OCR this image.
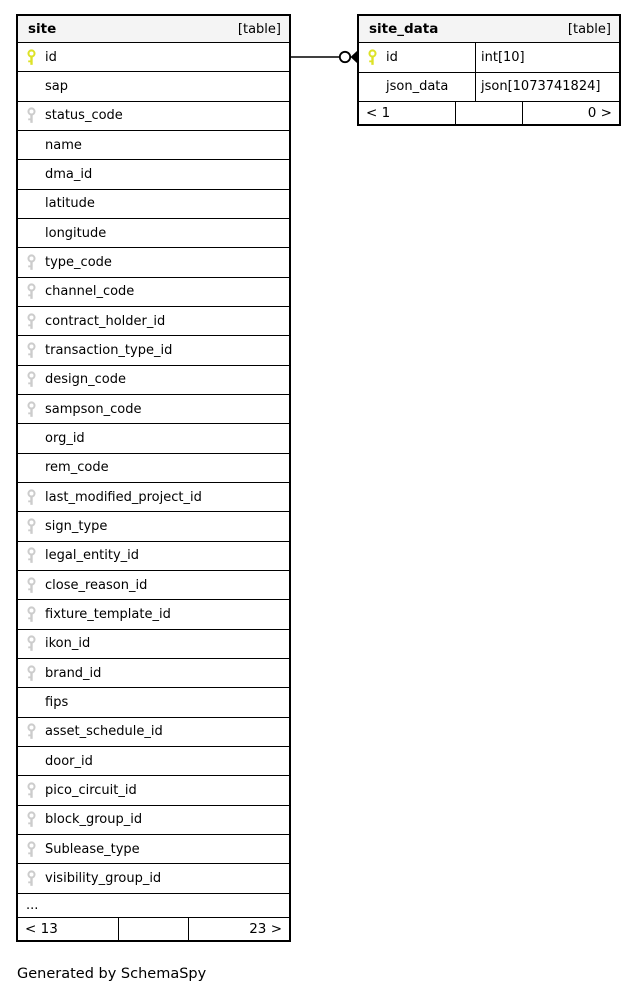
site	[table]
id
sap
status_code
name
dma_id
latitude
longitude
type_code
channel_code
contract_holder_id
transaction_type_id
design_code
sampson_code
org_id
rem_code
last_modified_project_id
sign_type
legal_entity_id
close_reason_id
fixture_template_id
ikon_id
brand_id
fips
asset_schedule_id
door_id
pico_circuit_id
block_group_id
Sublease_type
visibility_group_id
...
< 13	23 >
site_data	[table]
id	int[10]
json_data	json[1073741824]
< 1	0 >
Generated by SchemaSpy
